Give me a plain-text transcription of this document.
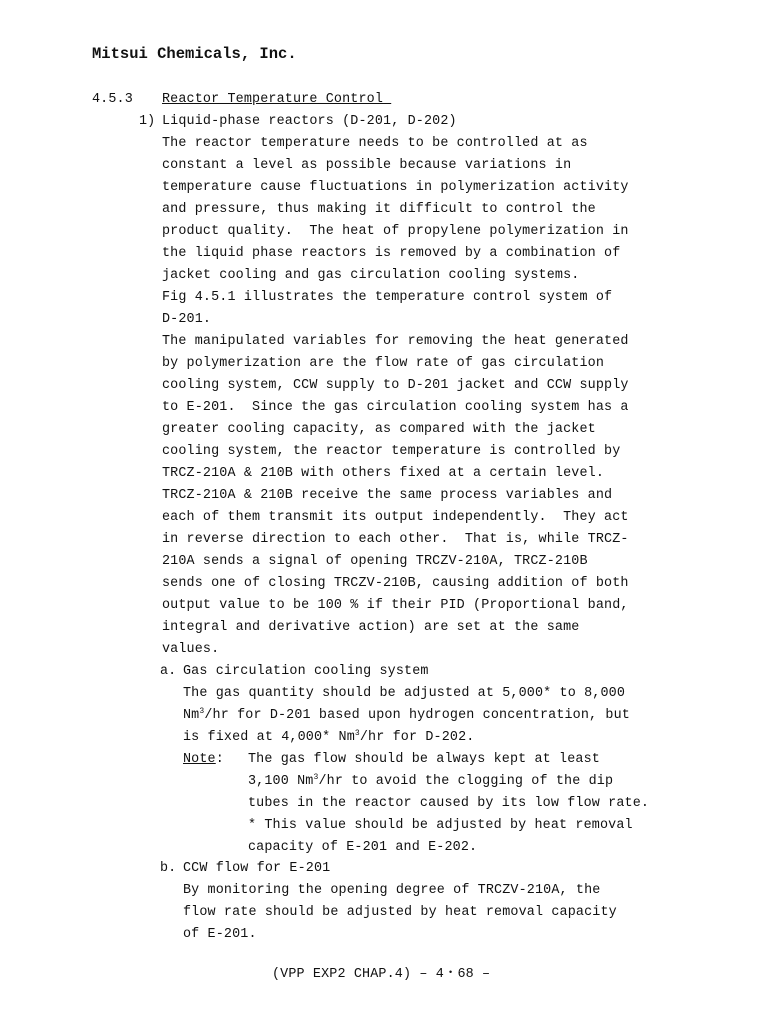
Mitsui Chemicals, Inc.
4.5.3 Reactor Temperature Control
1) Liquid-phase reactors (D-201, D-202)
The reactor temperature needs to be controlled at as
constant a level as possible because variations in
temperature cause fluctuations in polymerization activity
and pressure, thus making it difficult to control the
product quality.  The heat of propylene polymerization in
the liquid phase reactors is removed by a combination of
jacket cooling and gas circulation cooling systems.
Fig 4.5.1 illustrates the temperature control system of
D-201.
The manipulated variables for removing the heat generated
by polymerization are the flow rate of gas circulation
cooling system, CCW supply to D-201 jacket and CCW supply
to E-201.  Since the gas circulation cooling system has a
greater cooling capacity, as compared with the jacket
cooling system, the reactor temperature is controlled by
TRCZ-210A & 210B with others fixed at a certain level.
TRCZ-210A & 210B receive the same process variables and
each of them transmit its output independently.  They act
in reverse direction to each other.  That is, while TRCZ-
210A sends a signal of opening TRCZV-210A, TRCZ-210B
sends one of closing TRCZV-210B, causing addition of both
output value to be 100 % if their PID (Proportional band,
integral and derivative action) are set at the same
values.
a. Gas circulation cooling system
The gas quantity should be adjusted at 5,000* to 8,000
Nm$^3$/hr for D-201 based upon hydrogen concentration, but
is fixed at 4,000* Nm$^3$/hr for D-202.
Note: The gas flow should be always kept at least
3,100 Nm$^3$/hr to avoid the clogging of the dip
tubes in the reactor caused by its low flow rate.
* This value should be adjusted by heat removal
capacity of E-201 and E-202.
b. CCW flow for E-201
By monitoring the opening degree of TRCZV-210A, the
flow rate should be adjusted by heat removal capacity
of E-201.
(VPP EXP2 CHAP.4) – 4・68 –
